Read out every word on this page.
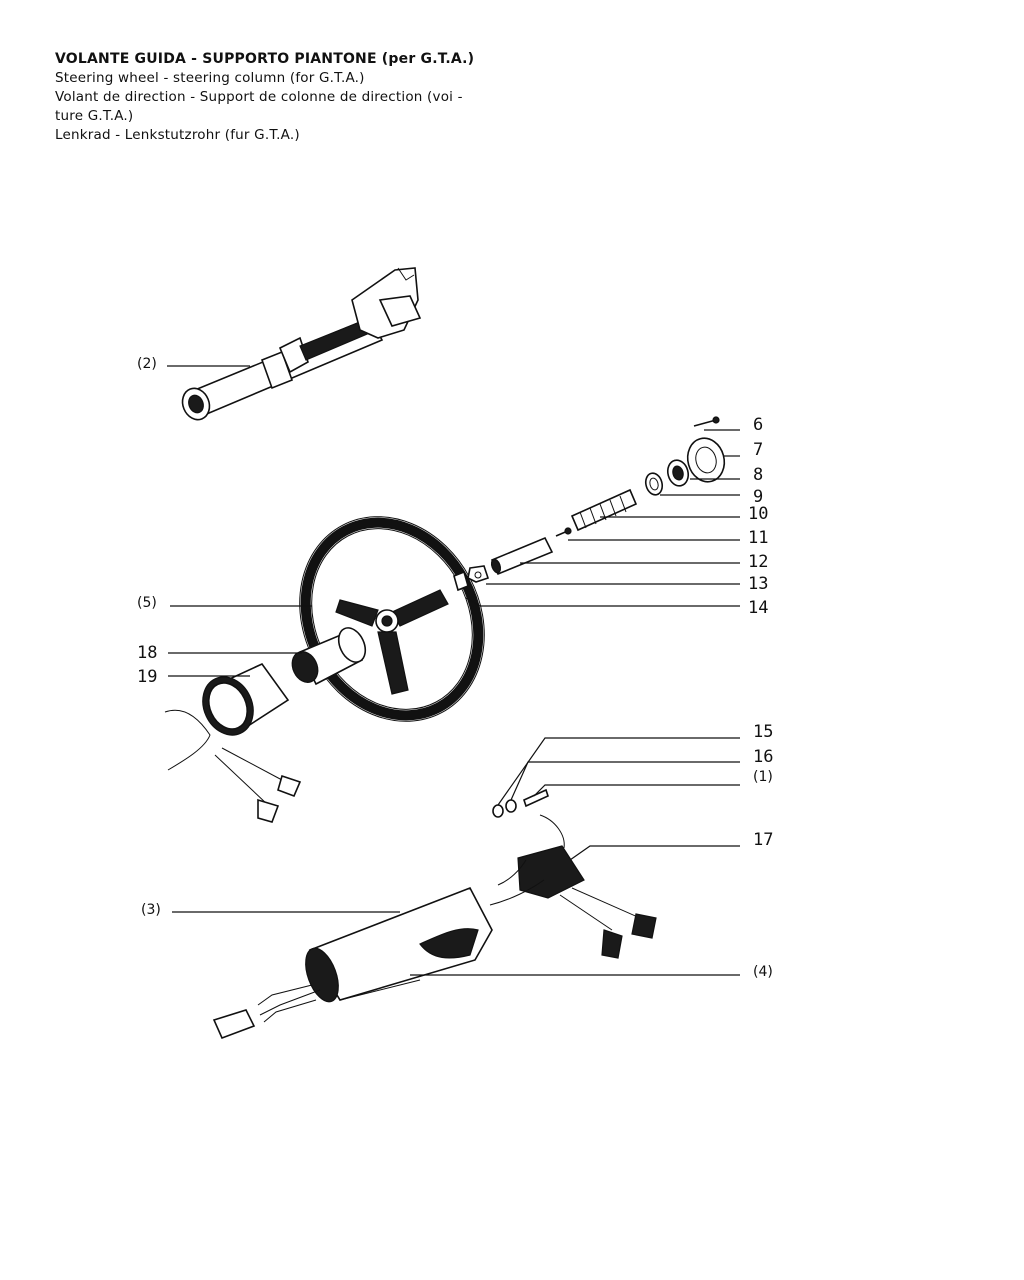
VOLANTE GUIDA - SUPPORTO PIANTONE (per G.T.A.)
Steering wheel - steering column (for G.T.A.)
Volant de direction - Support de colonne de direction (voi -
ture G.T.A.)
Lenkrad - Lenkstutzrohr (fur G.T.A.)
(2)
(5)
18
19
6
7
8
9
10
11
12
13
14
15
16
(1)
17
(3)
(4)
